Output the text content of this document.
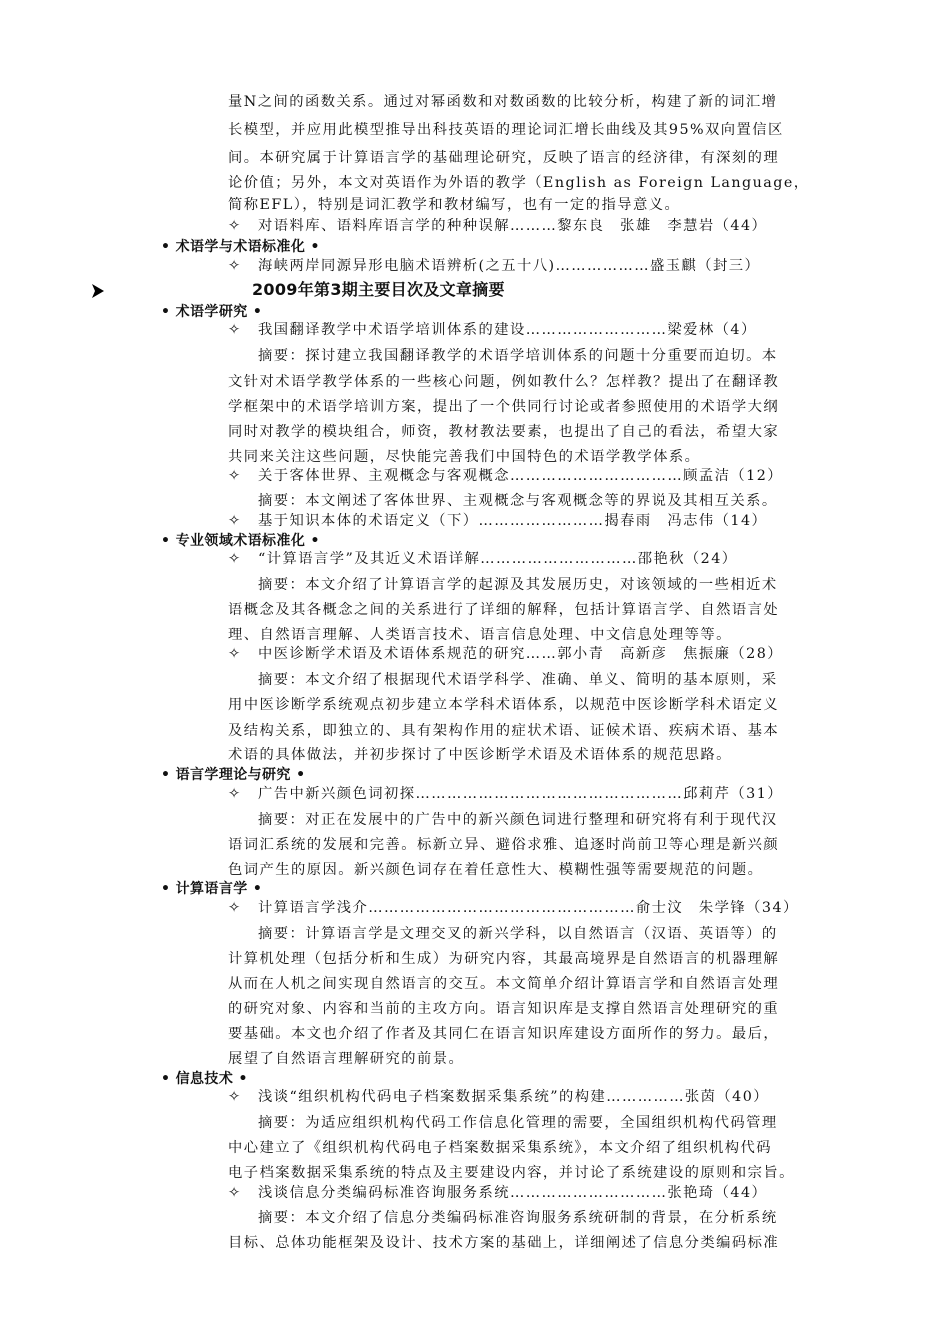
量N之间的函数关系。通过对幂函数和对数函数的比较分析，构建了新的词汇增
长模型，并应用此模型推导出科技英语的理论词汇增长曲线及其95%双向置信区
间。本研究属于计算语言学的基础理论研究，反映了语言的经济律，有深刻的理
论价值；另外，本文对英语作为外语的教学（English as Foreign Language，
简称EFL），特别是词汇教学和教材编写，也有一定的指导意义。
✧ 对语料库、语料库语言学的种种误解………黎东良　张雄　李慧岩（44）
• 术语学与术语标准化 •
✧ 海峡两岸同源异形电脑术语辨析(之五十八)………………盛玉麒（封三）
2009年第3期主要目次及文章摘要
• 术语学研究 •
✧ 我国翻译教学中术语学培训体系的建设………………………梁爱林（4）
摘要：探讨建立我国翻译教学的术语学培训体系的问题十分重要而迫切。本
文针对术语学教学体系的一些核心问题，例如教什么？怎样教？提出了在翻译教
学框架中的术语学培训方案，提出了一个供同行讨论或者参照使用的术语学大纲
同时对教学的模块组合，师资，教材教法要素，也提出了自己的看法，希望大家
共同来关注这些问题，尽快能完善我们中国特色的术语学教学体系。
✧ 关于客体世界、主观概念与客观概念……………………………顾孟洁（12）
摘要：本文阐述了客体世界、主观概念与客观概念等的界说及其相互关系。
✧ 基于知识本体的术语定义（下）……………………揭春雨　冯志伟（14）
• 专业领域术语标准化 •
✧ “计算语言学”及其近义术语详解…………………………邵艳秋（24）
摘要：本文介绍了计算语言学的起源及其发展历史，对该领域的一些相近术
语概念及其各概念之间的关系进行了详细的解释，包括计算语言学、自然语言处
理、自然语言理解、人类语言技术、语言信息处理、中文信息处理等等。
✧ 中医诊断学术语及术语体系规范的研究……郭小青　高新彦　焦振廉（28）
摘要：本文介绍了根据现代术语学科学、准确、单义、简明的基本原则，采
用中医诊断学系统观点初步建立本学科术语体系，以规范中医诊断学科术语定义
及结构关系，即独立的、具有架构作用的症状术语、证候术语、疾病术语、基本
术语的具体做法，并初步探讨了中医诊断学术语及术语体系的规范思路。
• 语言学理论与研究 •
✧ 广告中新兴颜色词初探……………………………………………邱莉芹（31）
摘要：对正在发展中的广告中的新兴颜色词进行整理和研究将有利于现代汉
语词汇系统的发展和完善。标新立异、避俗求雅、追逐时尚前卫等心理是新兴颜
色词产生的原因。新兴颜色词存在着任意性大、模糊性强等需要规范的问题。
• 计算语言学 •
✧ 计算语言学浅介……………………………………………俞士汶　朱学锋（34）
摘要：计算语言学是文理交叉的新兴学科，以自然语言（汉语、英语等）的
计算机处理（包括分析和生成）为研究内容，其最高境界是自然语言的机器理解
从而在人机之间实现自然语言的交互。本文简单介绍计算语言学和自然语言处理
的研究对象、内容和当前的主攻方向。语言知识库是支撑自然语言处理研究的重
要基础。本文也介绍了作者及其同仁在语言知识库建设方面所作的努力。最后，
展望了自然语言理解研究的前景。
• 信息技术 •
✧ 浅谈“组织机构代码电子档案数据采集系统”的构建……………张茵（40）
摘要：为适应组织机构代码工作信息化管理的需要，全国组织机构代码管理
中心建立了《组织机构代码电子档案数据采集系统》，本文介绍了组织机构代码
电子档案数据采集系统的特点及主要建设内容，并讨论了系统建设的原则和宗旨。
✧ 浅谈信息分类编码标准咨询服务系统…………………………张艳琦（44）
摘要：本文介绍了信息分类编码标准咨询服务系统研制的背景，在分析系统
目标、总体功能框架及设计、技术方案的基础上，详细阐述了信息分类编码标准
